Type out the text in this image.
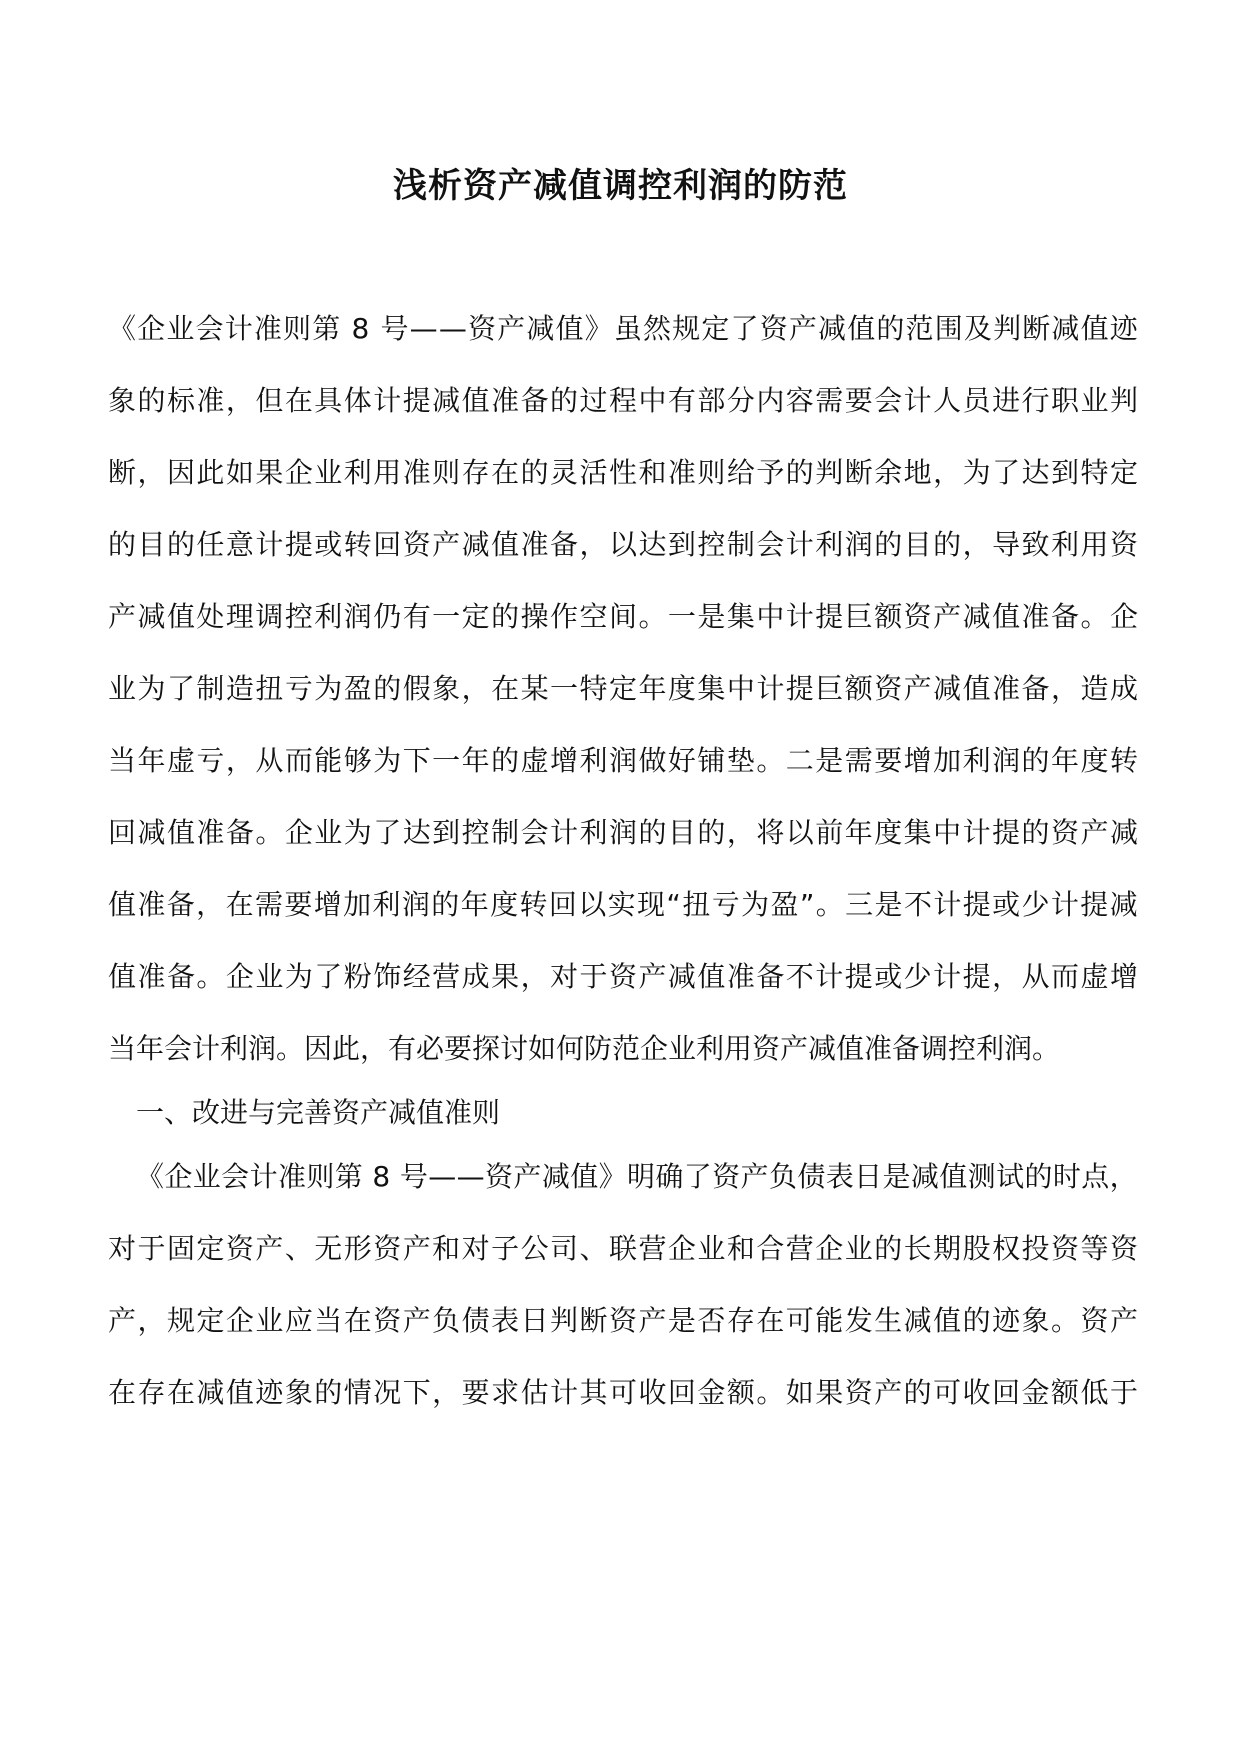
浅析资产减值调控利润的防范
《 企 业 会 计 准 则 第
8
号 — — 资 产 减 值 》 虽 然 规 定 了 资 产 减 值 的 范 围 及 判 断 减 值 迹
象 的 标 准 ， 但 在 具 体 计 提 减 值 准 备 的 过 程 中 有 部 分 内 容 需 要 会 计 人 员 进 行 职 业 判
断 ， 因 此 如 果 企 业 利 用 准 则 存 在 的 灵 活 性 和 准 则 给 予 的 判 断 余 地 ， 为 了 达 到 特 定
的 目 的 任 意 计 提 或 转 回 资 产 减 值 准 备 ， 以 达 到 控 制 会 计 利 润 的 目 的 ， 导 致 利 用 资
产 减 值 处 理 调 控 利 润 仍 有 一 定 的 操 作 空 间 。 一 是 集 中 计 提 巨 额 资 产 减 值 准 备 。 企
业 为 了 制 造 扭 亏 为 盈 的 假 象 ， 在 某 一 特 定 年 度 集 中 计 提 巨 额 资 产 减 值 准 备 ， 造 成
当 年 虚 亏 ， 从 而 能 够 为 下 一 年 的 虚 增 利 润 做 好 铺 垫 。 二 是 需 要 增 加 利 润 的 年 度 转
回 减 值 准 备 。 企 业 为 了 达 到 控 制 会 计 利 润 的 目 的 ， 将 以 前 年 度 集 中 计 提 的 资 产 减
值 准 备 ， 在 需 要 增 加 利 润 的 年 度 转 回 以 实 现 “ 扭 亏 为 盈 ” 。 三 是 不 计 提 或 少 计 提 减
值 准 备 。 企 业 为 了 粉 饰 经 营 成 果 ， 对 于 资 产 减 值 准 备 不 计 提 或 少 计 提 ， 从 而 虚 增
当年会计利润。因此，有必要探讨如何防范企业利用资产减值准备调控利润。
一、改进与完善资产减值准则
《 企 业 会 计 准 则 第
8
号 — — 资 产 减 值 》 明 确 了 资 产 负 债 表 日 是 减 值 测 试 的 时 点 ，
对 于 固 定 资 产 、 无 形 资 产 和 对 子 公 司 、 联 营 企 业 和 合 营 企 业 的 长 期 股 权 投 资 等 资
产 ， 规 定 企 业 应 当 在 资 产 负 债 表 日 判 断 资 产 是 否 存 在 可 能 发 生 减 值 的 迹 象 。 资 产
在 存 在 减 值 迹 象 的 情 况 下 ， 要 求 估 计 其 可 收 回 金 额 。 如 果 资 产 的 可 收 回 金 额 低 于
